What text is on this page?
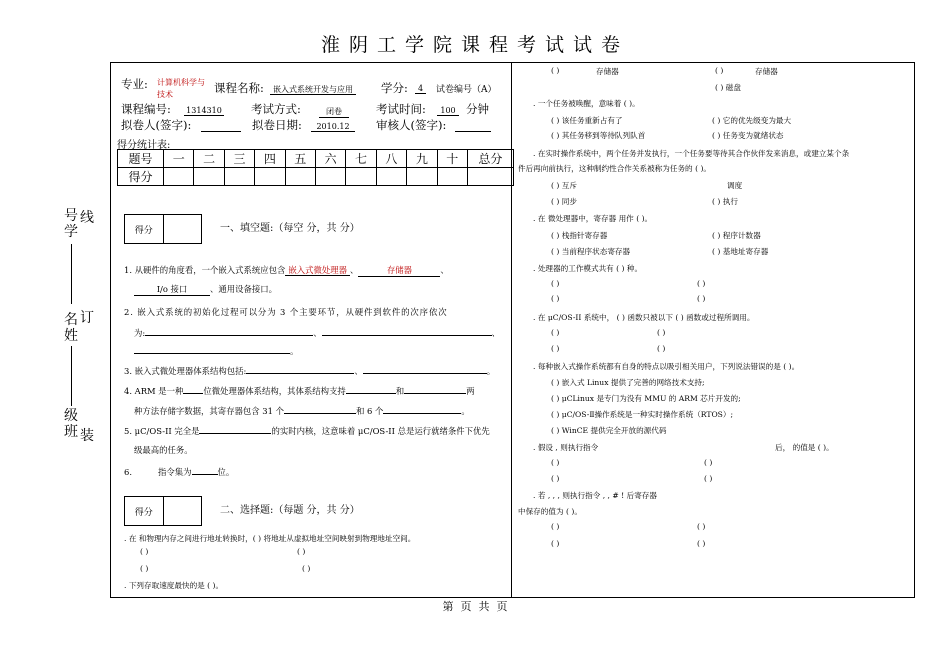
淮阴工学院课程考试试卷
号
学
线
名
姓
订
级
班 装
专业: 计算机科学与技术	课程名称:	嵌入式系统开发与应用 学分:	4	试卷编号（A）
课程编号: 1314310	考试方式:	闭卷	考试时间:	100 分钟
拟卷人(签字):	拟卷日期:	2010.12	审核人(签字):
得分统计表:
题号	一	二	三	四	五	六	七	八	九	十	总分
得分											
得分	一、填空题:（每空 分，共 分）
1. 从硬件的角度看，一个嵌入式系统应包含 嵌入式微处理器 、	存储器	、
I/o 接口	、通用设备接口。
2. 嵌入式系统的初始化过程可以分为 3 个主要环节，从硬件到软件的次序依次
为:	、	、
。
3. 嵌入式微处理器体系结构包括:	、	。
4. ARM 是一种 位微处理器体系结构，其体系结构支持	和	两
种方法存储字数据，其寄存器包含 31 个	和 6 个	。
5. μC/OS-II 完全是	的实时内核，这意味着 μC/OS-II 总是运行就绪条件下优先
级最高的任务。
6.	指令集为	位。
得分	二、选择题:（每题 分，共 分）
. 在 和物理内存之间进行地址转换时，( ) 将地址从虚拟地址空间映射到物理地址空间。
( )	( )
( )	( )
. 下列存取速度最快的是 ( )。
( )	存储器	( )	存储器
( ) 磁盘
. 一个任务被唤醒，意味着 ( )。
( ) 该任务重新占有了	( ) 它的优先级变为最大
( ) 其任务移到等待队列队首	( ) 任务变为就绪状态
. 在实时操作系统中，两个任务并发执行，一个任务要等待其合作伙伴发来消息，或建立某个条
件后再向前执行，这种制约性合作关系被称为任务的 ( )。
( ) 互斥	调度
( ) 同步	( ) 执行
. 在 微处理器中，寄存器 用作 ( )。
( ) 栈指针寄存器	( ) 程序计数器
( ) 当前程序状态寄存器	( ) 基地址寄存器
. 处理器的工作模式共有 ( ) 种。
( )	( )
( )	( )
. 在 μC/OS-II 系统中， ( ) 函数只被以下 ( ) 函数或过程所调用。
( )	( )
( )	( )
. 每种嵌入式操作系统都有自身的特点以吸引相关用户，下列说法错误的是 ( )。
( ) 嵌入式 Linux 提供了完善的网络技术支持;
( ) μCLinux 是专门为没有 MMU 的 ARM 芯片开发的;
( ) μC/OS-Ⅱ操作系统是一种实时操作系统（RTOS）;
( ) WinCE 提供完全开放的源代码
. 假设 , 则执行指令	后， 的值是 ( )。
( )	( )
( )	( )
. 若 , , , 则执行指令 , , # ! 后寄存器
中保存的值为 ( )。
( )	( )
( )	( )
第  页  共  页
